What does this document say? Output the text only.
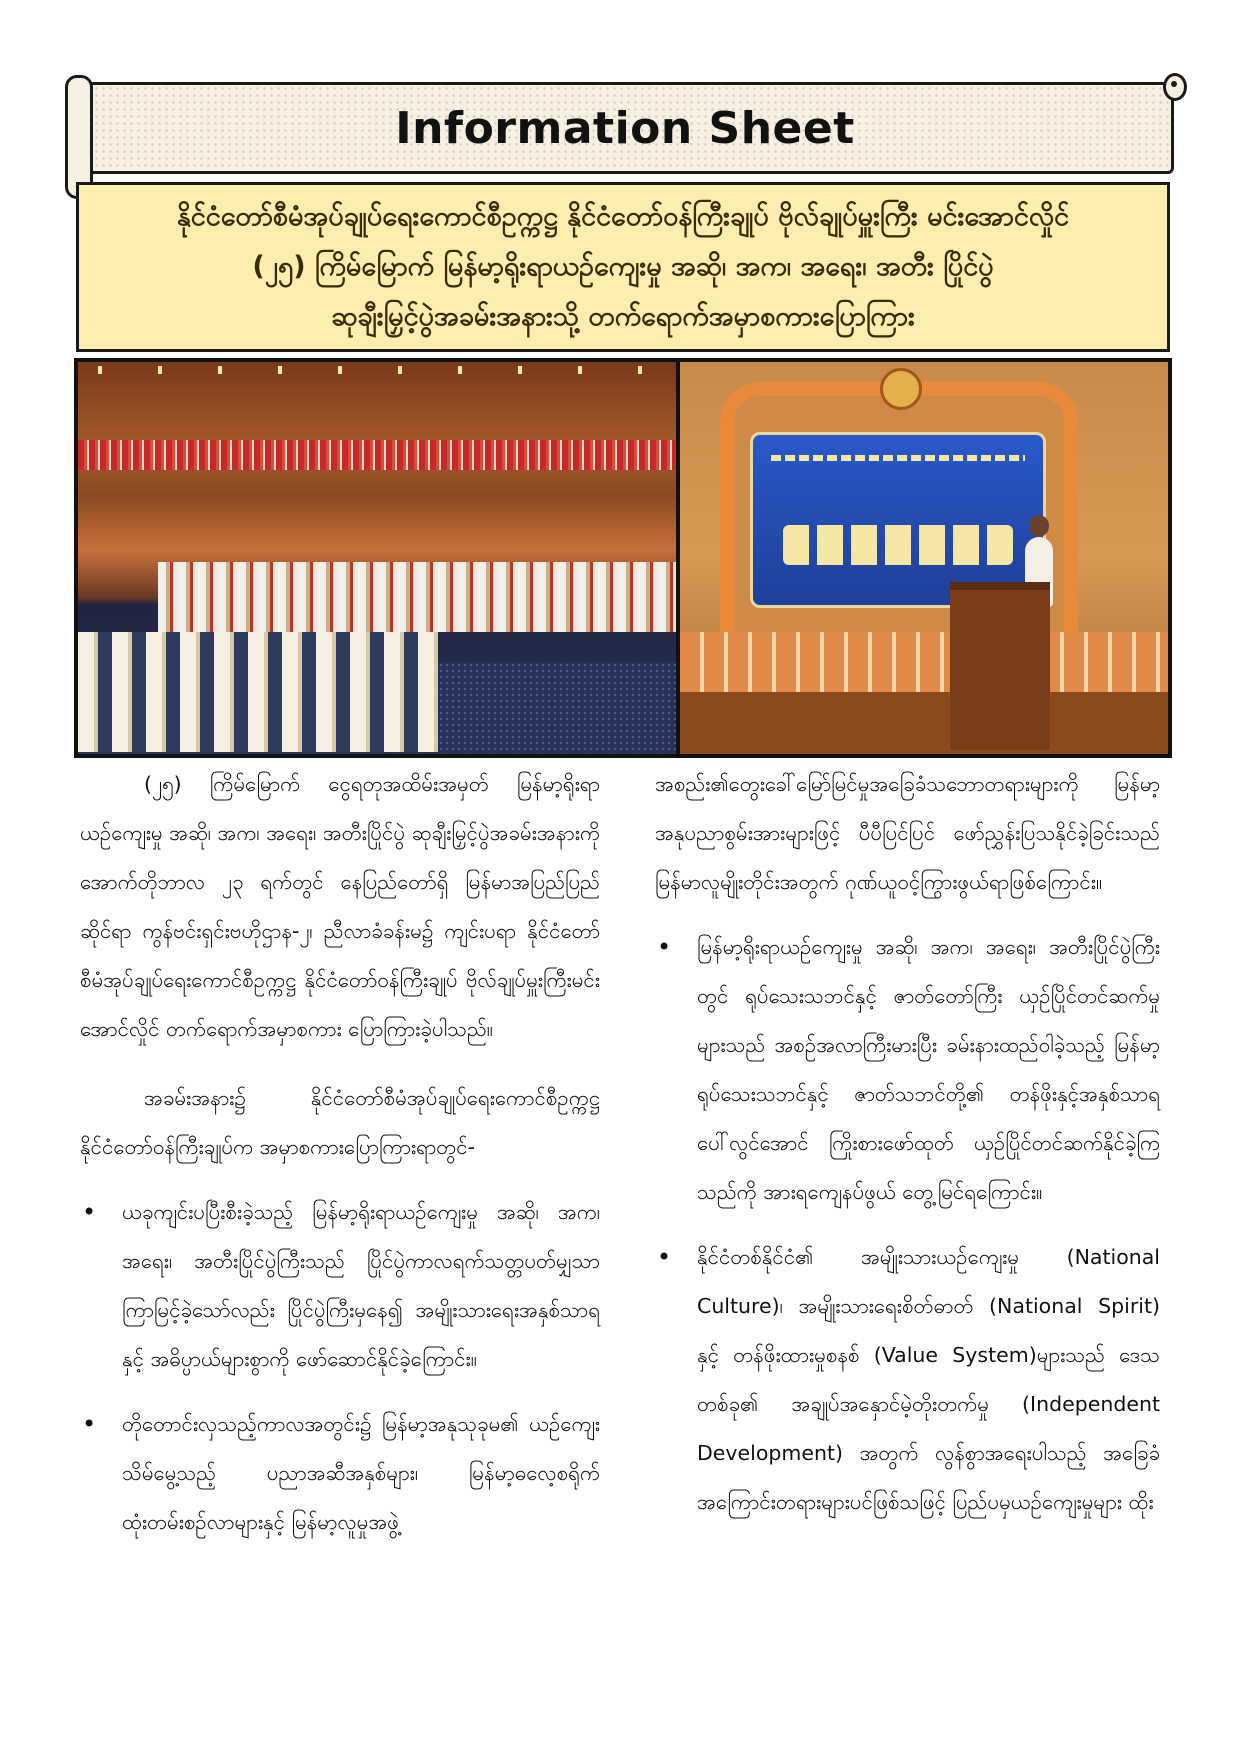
Information Sheet
နိုင်ငံတော်စီမံအုပ်ချုပ်ရေးကောင်စီဥက္ကဋ္ဌ နိုင်ငံတော်ဝန်ကြီးချုပ် ဗိုလ်ချုပ်မှူးကြီး မင်းအောင်လှိုင်
(၂၅) ကြိမ်မြောက် မြန်မာ့ရိုးရာယဉ်ကျေးမှု အဆို၊ အက၊ အရေး၊ အတီး ပြိုင်ပွဲ
ဆုချီးမြှင့်ပွဲအခမ်းအနားသို့ တက်ရောက်အမှာစကားပြောကြား

(၂၅) ကြိမ်မြောက် ငွေရတုအထိမ်းအမှတ် မြန်မာ့ရိုးရာယဉ်ကျေးမှု အဆို၊ အက၊ အရေး၊ အတီးပြိုင်ပွဲ ဆုချီးမြှင့်ပွဲအခမ်းအနားကို အောက်တိုဘာလ ၂၃ ရက်တွင် နေပြည်တော်ရှိ မြန်မာအပြည်ပြည်ဆိုင်ရာ ကွန်ဗင်းရှင်းဗဟိုဌာန-၂၊ ညီလာခံခန်းမ၌ ကျင်းပရာ နိုင်ငံတော်စီမံအုပ်ချုပ်ရေးကောင်စီဥက္ကဋ္ဌ နိုင်ငံတော်ဝန်ကြီးချုပ် ဗိုလ်ချုပ်မှူးကြီးမင်းအောင်လှိုင် တက်ရောက်အမှာစကား ပြောကြားခဲ့ပါသည်။

အခမ်းအနား၌ နိုင်ငံတော်စီမံအုပ်ချုပ်ရေးကောင်စီဥက္ကဋ္ဌ နိုင်ငံတော်ဝန်ကြီးချုပ်က အမှာစကားပြောကြားရာတွင်-

• ယခုကျင်းပပြီးစီးခဲ့သည့် မြန်မာ့ရိုးရာယဉ်ကျေးမှု အဆို၊ အက၊ အရေး၊ အတီးပြိုင်ပွဲကြီးသည် ပြိုင်ပွဲကာလရက်သတ္တပတ်မျှသာ ကြာမြင့်ခဲ့သော်လည်း ပြိုင်ပွဲကြီးမှနေ၍ အမျိုးသားရေးအနှစ်သာရနှင့် အဓိပ္ပာယ်များစွာကို ဖော်ဆောင်နိုင်ခဲ့ကြောင်း။

• တိုတောင်းလှသည့်ကာလအတွင်း၌ မြန်မာ့အနုသုခုမ၏ ယဉ်ကျေးသိမ်မွေ့သည့် ပညာအဆီအနှစ်များ၊ မြန်မာ့ဓလေ့စရိုက် ထုံးတမ်းစဉ်လာများနှင့် မြန်မာ့လူမှုအဖွဲ့

အစည်း၏တွေးခေါ်မြော်မြင်မှုအခြေခံသဘောတရားများကို မြန်မာ့အနုပညာစွမ်းအားများဖြင့် ပီပီပြင်ပြင် ဖော်ညွှန်းပြသနိုင်ခဲ့ခြင်းသည် မြန်မာလူမျိုးတိုင်းအတွက် ဂုဏ်ယူဝင့်ကြွားဖွယ်ရာဖြစ်ကြောင်း။

• မြန်မာ့ရိုးရာယဉ်ကျေးမှု အဆို၊ အက၊ အရေး၊ အတီးပြိုင်ပွဲကြီးတွင် ရုပ်သေးသဘင်နှင့် ဇာတ်တော်ကြီး ယှဉ်ပြိုင်တင်ဆက်မှုများသည် အစဉ်အလာကြီးမားပြီး ခမ်းနားထည်ဝါခဲ့သည့် မြန်မာ့ရုပ်သေးသဘင်နှင့် ဇာတ်သဘင်တို့၏ တန်ဖိုးနှင့်အနှစ်သာရပေါ်လွင်အောင် ကြိုးစားဖော်ထုတ် ယှဉ်ပြိုင်တင်ဆက်နိုင်ခဲ့ကြသည်ကို အားရကျေနပ်ဖွယ် တွေ့မြင်ရကြောင်း။

• နိုင်ငံတစ်နိုင်ငံ၏ အမျိုးသားယဉ်ကျေးမှု (National Culture)၊ အမျိုးသားရေးစိတ်ဓာတ် (National Spirit) နှင့် တန်ဖိုးထားမှုစနစ် (Value System)များသည် ဒေသတစ်ခု၏ အချုပ်အနှောင်မဲ့တိုးတက်မှု (Independent Development) အတွက် လွန်စွာအရေးပါသည့် အခြေခံအကြောင်းတရားများပင်ဖြစ်သဖြင့် ပြည်ပမှယဉ်ကျေးမှုများ ထိုး
